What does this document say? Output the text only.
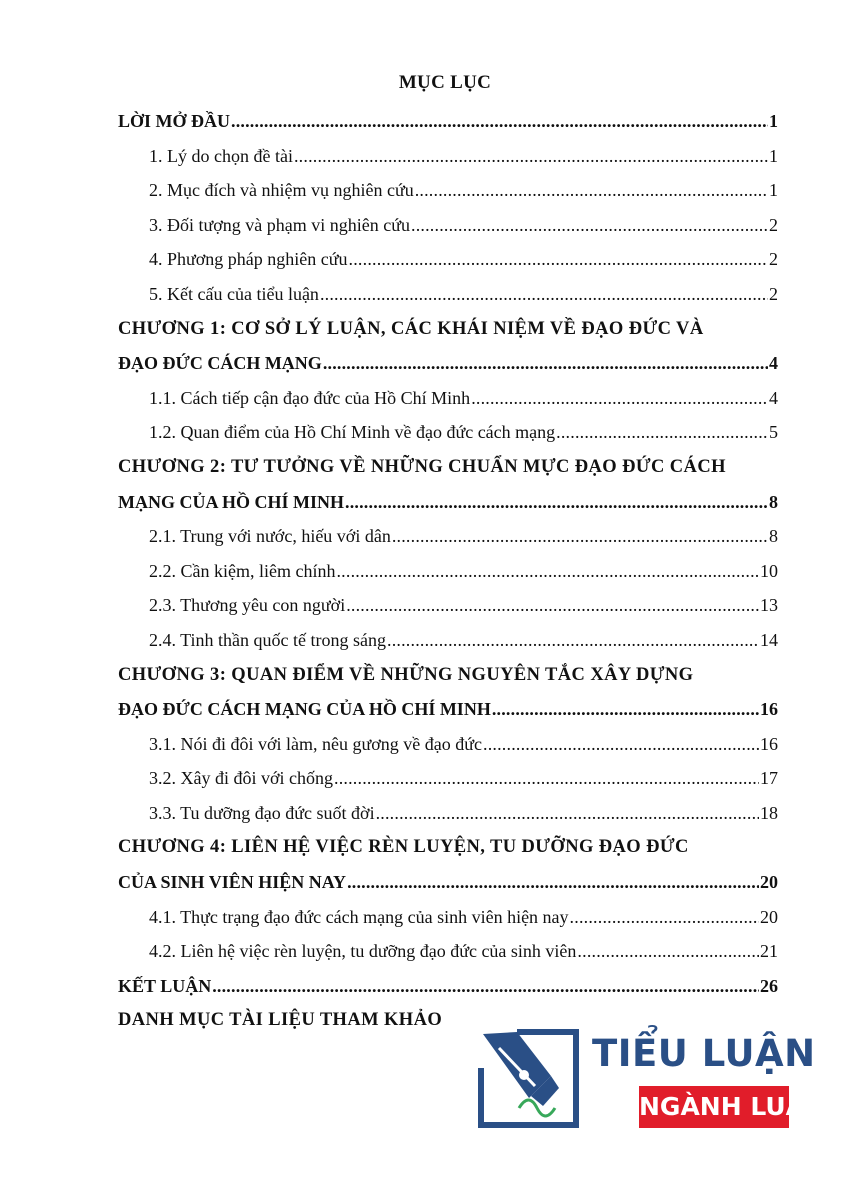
MỤC LỤC
LỜI MỞ ĐẦU .....	1
1. Lý do chọn đề tài .....	1
2. Mục đích và nhiệm vụ nghiên cứu .....	1
3. Đối tượng và phạm vi nghiên cứu .....	2
4. Phương pháp nghiên cứu .....	2
5. Kết cấu của tiểu luận .....	2
CHƯƠNG 1: CƠ SỞ LÝ LUẬN, CÁC KHÁI NIỆM VỀ ĐẠO ĐỨC VÀ
ĐẠO ĐỨC CÁCH MẠNG .....	4
1.1. Cách tiếp cận đạo đức của Hồ Chí Minh .....	4
1.2. Quan điểm của Hồ Chí Minh về đạo đức cách mạng .....	5
CHƯƠNG 2: TƯ TƯỞNG VỀ NHỮNG CHUẨN MỰC ĐẠO ĐỨC CÁCH
MẠNG CỦA HỒ CHÍ MINH .....	8
2.1. Trung với nước, hiếu với dân .....	8
2.2. Cần kiệm, liêm chính .....	10
2.3. Thương yêu con người .....	13
2.4. Tinh thần quốc tế trong sáng .....	14
CHƯƠNG 3: QUAN ĐIỂM VỀ NHỮNG NGUYÊN TẮC XÂY DỰNG
ĐẠO ĐỨC CÁCH MẠNG CỦA HỒ CHÍ MINH .....	16
3.1. Nói đi đôi với làm, nêu gương về đạo đức .....	16
3.2. Xây đi đôi với chống .....	17
3.3. Tu dưỡng đạo đức suốt đời .....	18
CHƯƠNG 4: LIÊN HỆ VIỆC RÈN LUYỆN, TU DƯỠNG ĐẠO ĐỨC
CỦA SINH VIÊN HIỆN NAY .....	20
4.1. Thực trạng đạo đức cách mạng của sinh viên hiện nay .....	20
4.2. Liên hệ việc rèn luyện, tu dưỡng đạo đức của sinh viên .....	21
KẾT LUẬN .....	26
DANH MỤC TÀI LIỆU THAM KHẢO
TIỂU LUẬN
NGÀNH LUẬT
